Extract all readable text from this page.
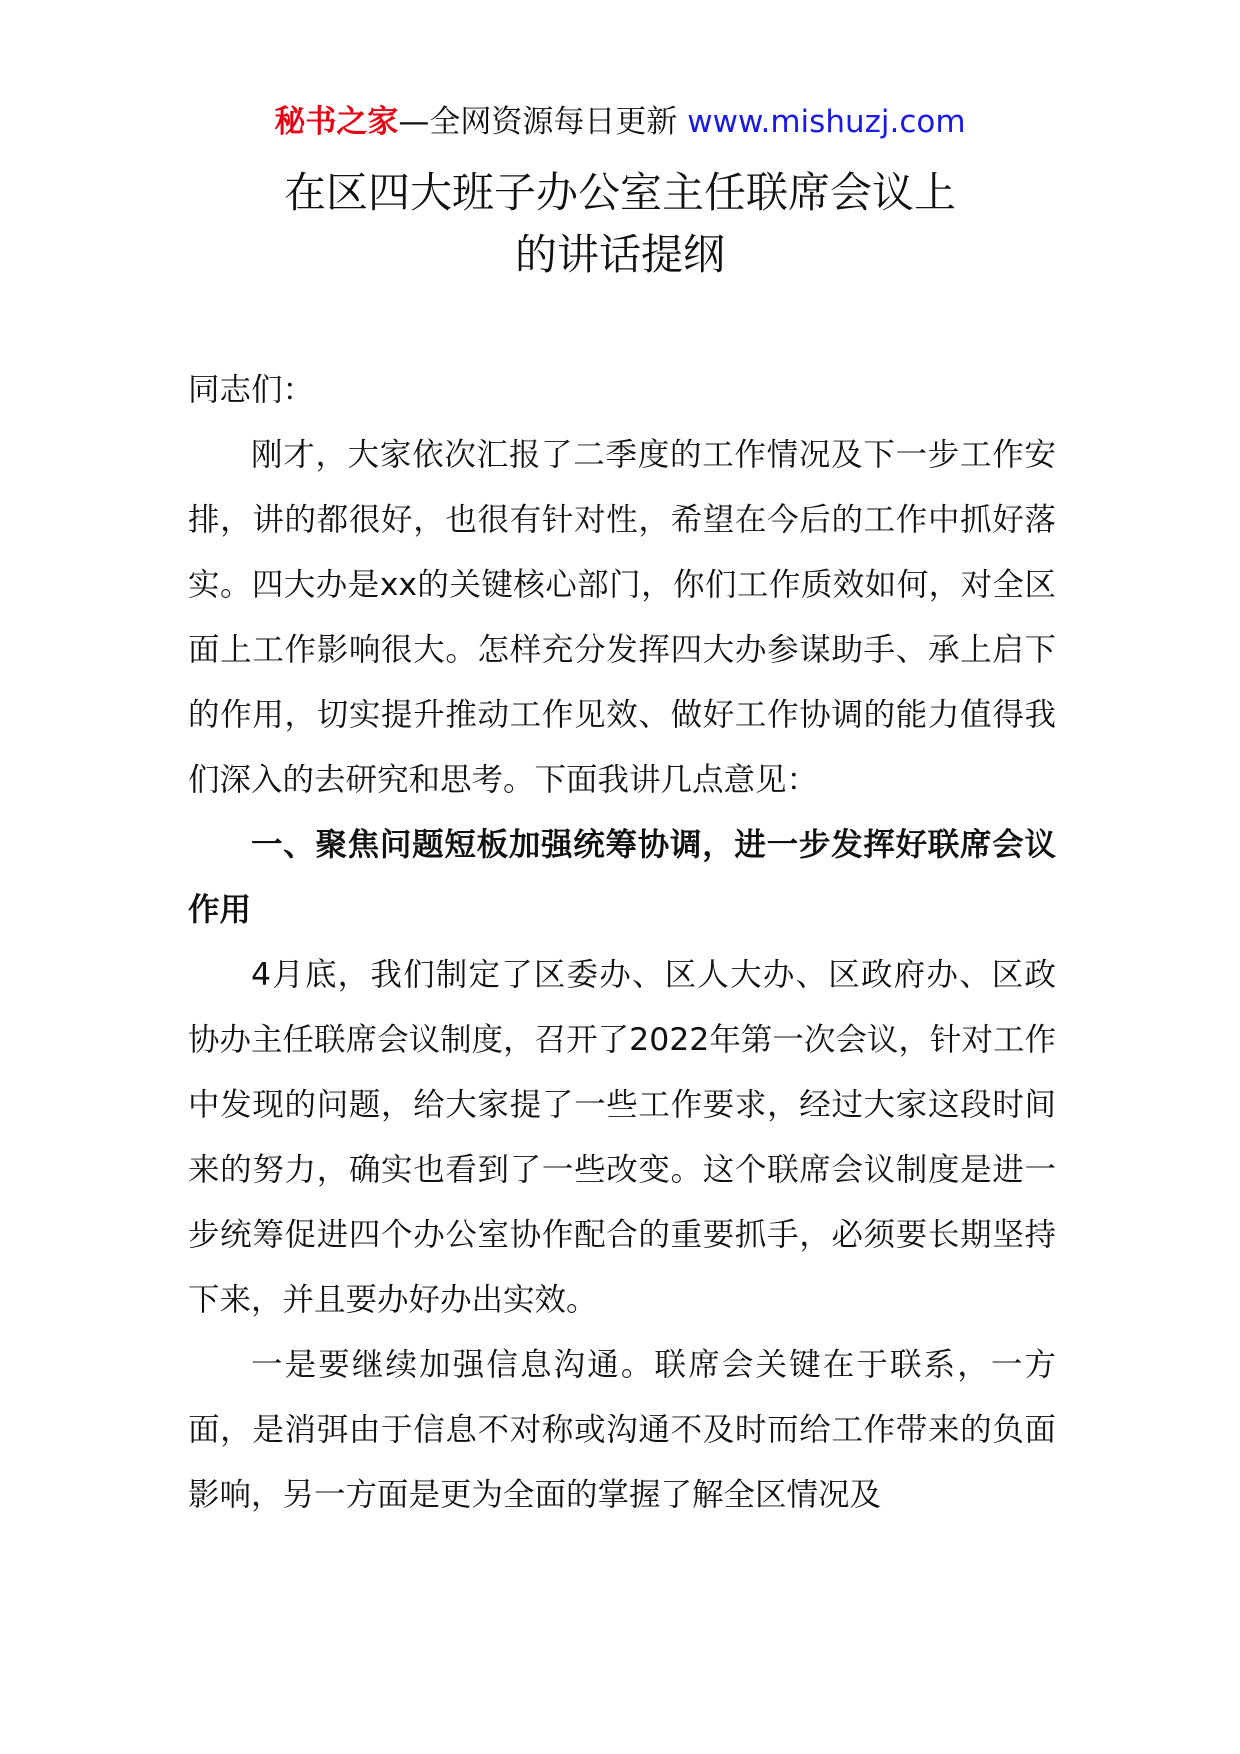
秘书之家—全网资源每日更新 www.mishuzj.com
在区四大班子办公室主任联席会议上
的讲话提纲

同志们：

刚才，大家依次汇报了二季度的工作情况及下一步工作安排，讲的都很好，也很有针对性，希望在今后的工作中抓好落实。四大办是xx的关键核心部门，你们工作质效如何，对全区面上工作影响很大。怎样充分发挥四大办参谋助手、承上启下的作用，切实提升推动工作见效、做好工作协调的能力值得我们深入的去研究和思考。下面我讲几点意见：

一、聚焦问题短板加强统筹协调，进一步发挥好联席会议作用

4月底，我们制定了区委办、区人大办、区政府办、区政协办主任联席会议制度，召开了2022年第一次会议，针对工作中发现的问题，给大家提了一些工作要求，经过大家这段时间来的努力，确实也看到了一些改变。这个联席会议制度是进一步统筹促进四个办公室协作配合的重要抓手，必须要长期坚持下来，并且要办好办出实效。

一是要继续加强信息沟通。联席会关键在于联系，一方面，是消弭由于信息不对称或沟通不及时而给工作带来的负面影响，另一方面是更为全面的掌握了解全区情况及
